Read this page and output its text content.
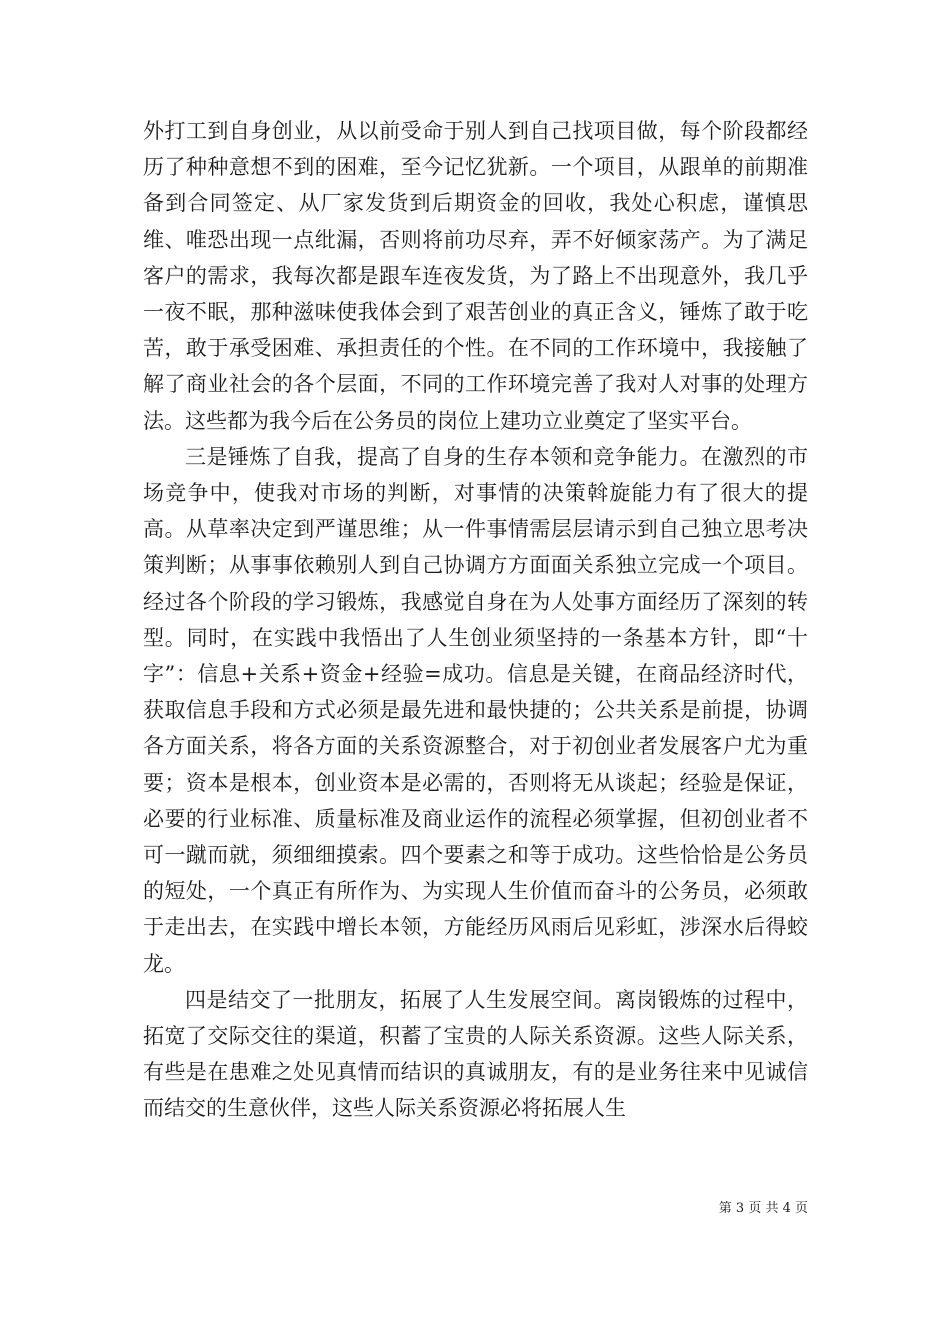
外打工到自身创业，从以前受命于别人到自己找项目做，每个阶段都经历了种种意想不到的困难，至今记忆犹新。一个项目，从跟单的前期准备到合同签定、从厂家发货到后期资金的回收，我处心积虑，谨慎思维、唯恐出现一点纰漏，否则将前功尽弃，弄不好倾家荡产。为了满足客户的需求，我每次都是跟车连夜发货，为了路上不出现意外，我几乎一夜不眠，那种滋味使我体会到了艰苦创业的真正含义，锤炼了敢于吃苦，敢于承受困难、承担责任的个性。在不同的工作环境中，我接触了解了商业社会的各个层面，不同的工作环境完善了我对人对事的处理方法。这些都为我今后在公务员的岗位上建功立业奠定了坚实平台。

三是锤炼了自我，提高了自身的生存本领和竞争能力。在激烈的市场竞争中，使我对市场的判断，对事情的决策斡旋能力有了很大的提高。从草率决定到严谨思维；从一件事情需层层请示到自己独立思考决策判断；从事事依赖别人到自己协调方方面面关系独立完成一个项目。经过各个阶段的学习锻炼，我感觉自身在为人处事方面经历了深刻的转型。同时，在实践中我悟出了人生创业须坚持的一条基本方针，即“十字”：信息+关系+资金+经验=成功。信息是关键，在商品经济时代，获取信息手段和方式必须是最先进和最快捷的；公共关系是前提，协调各方面关系，将各方面的关系资源整合，对于初创业者发展客户尤为重要；资本是根本，创业资本是必需的，否则将无从谈起；经验是保证，必要的行业标准、质量标准及商业运作的流程必须掌握，但初创业者不可一蹴而就，须细细摸索。四个要素之和等于成功。这些恰恰是公务员的短处，一个真正有所作为、为实现人生价值而奋斗的公务员，必须敢于走出去，在实践中增长本领，方能经历风雨后见彩虹，涉深水后得蛟龙。

四是结交了一批朋友，拓展了人生发展空间。离岗锻炼的过程中，拓宽了交际交往的渠道，积蓄了宝贵的人际关系资源。这些人际关系，有些是在患难之处见真情而结识的真诚朋友，有的是业务往来中见诚信而结交的生意伙伴，这些人际关系资源必将拓展人生

第 3 页 共 4 页
